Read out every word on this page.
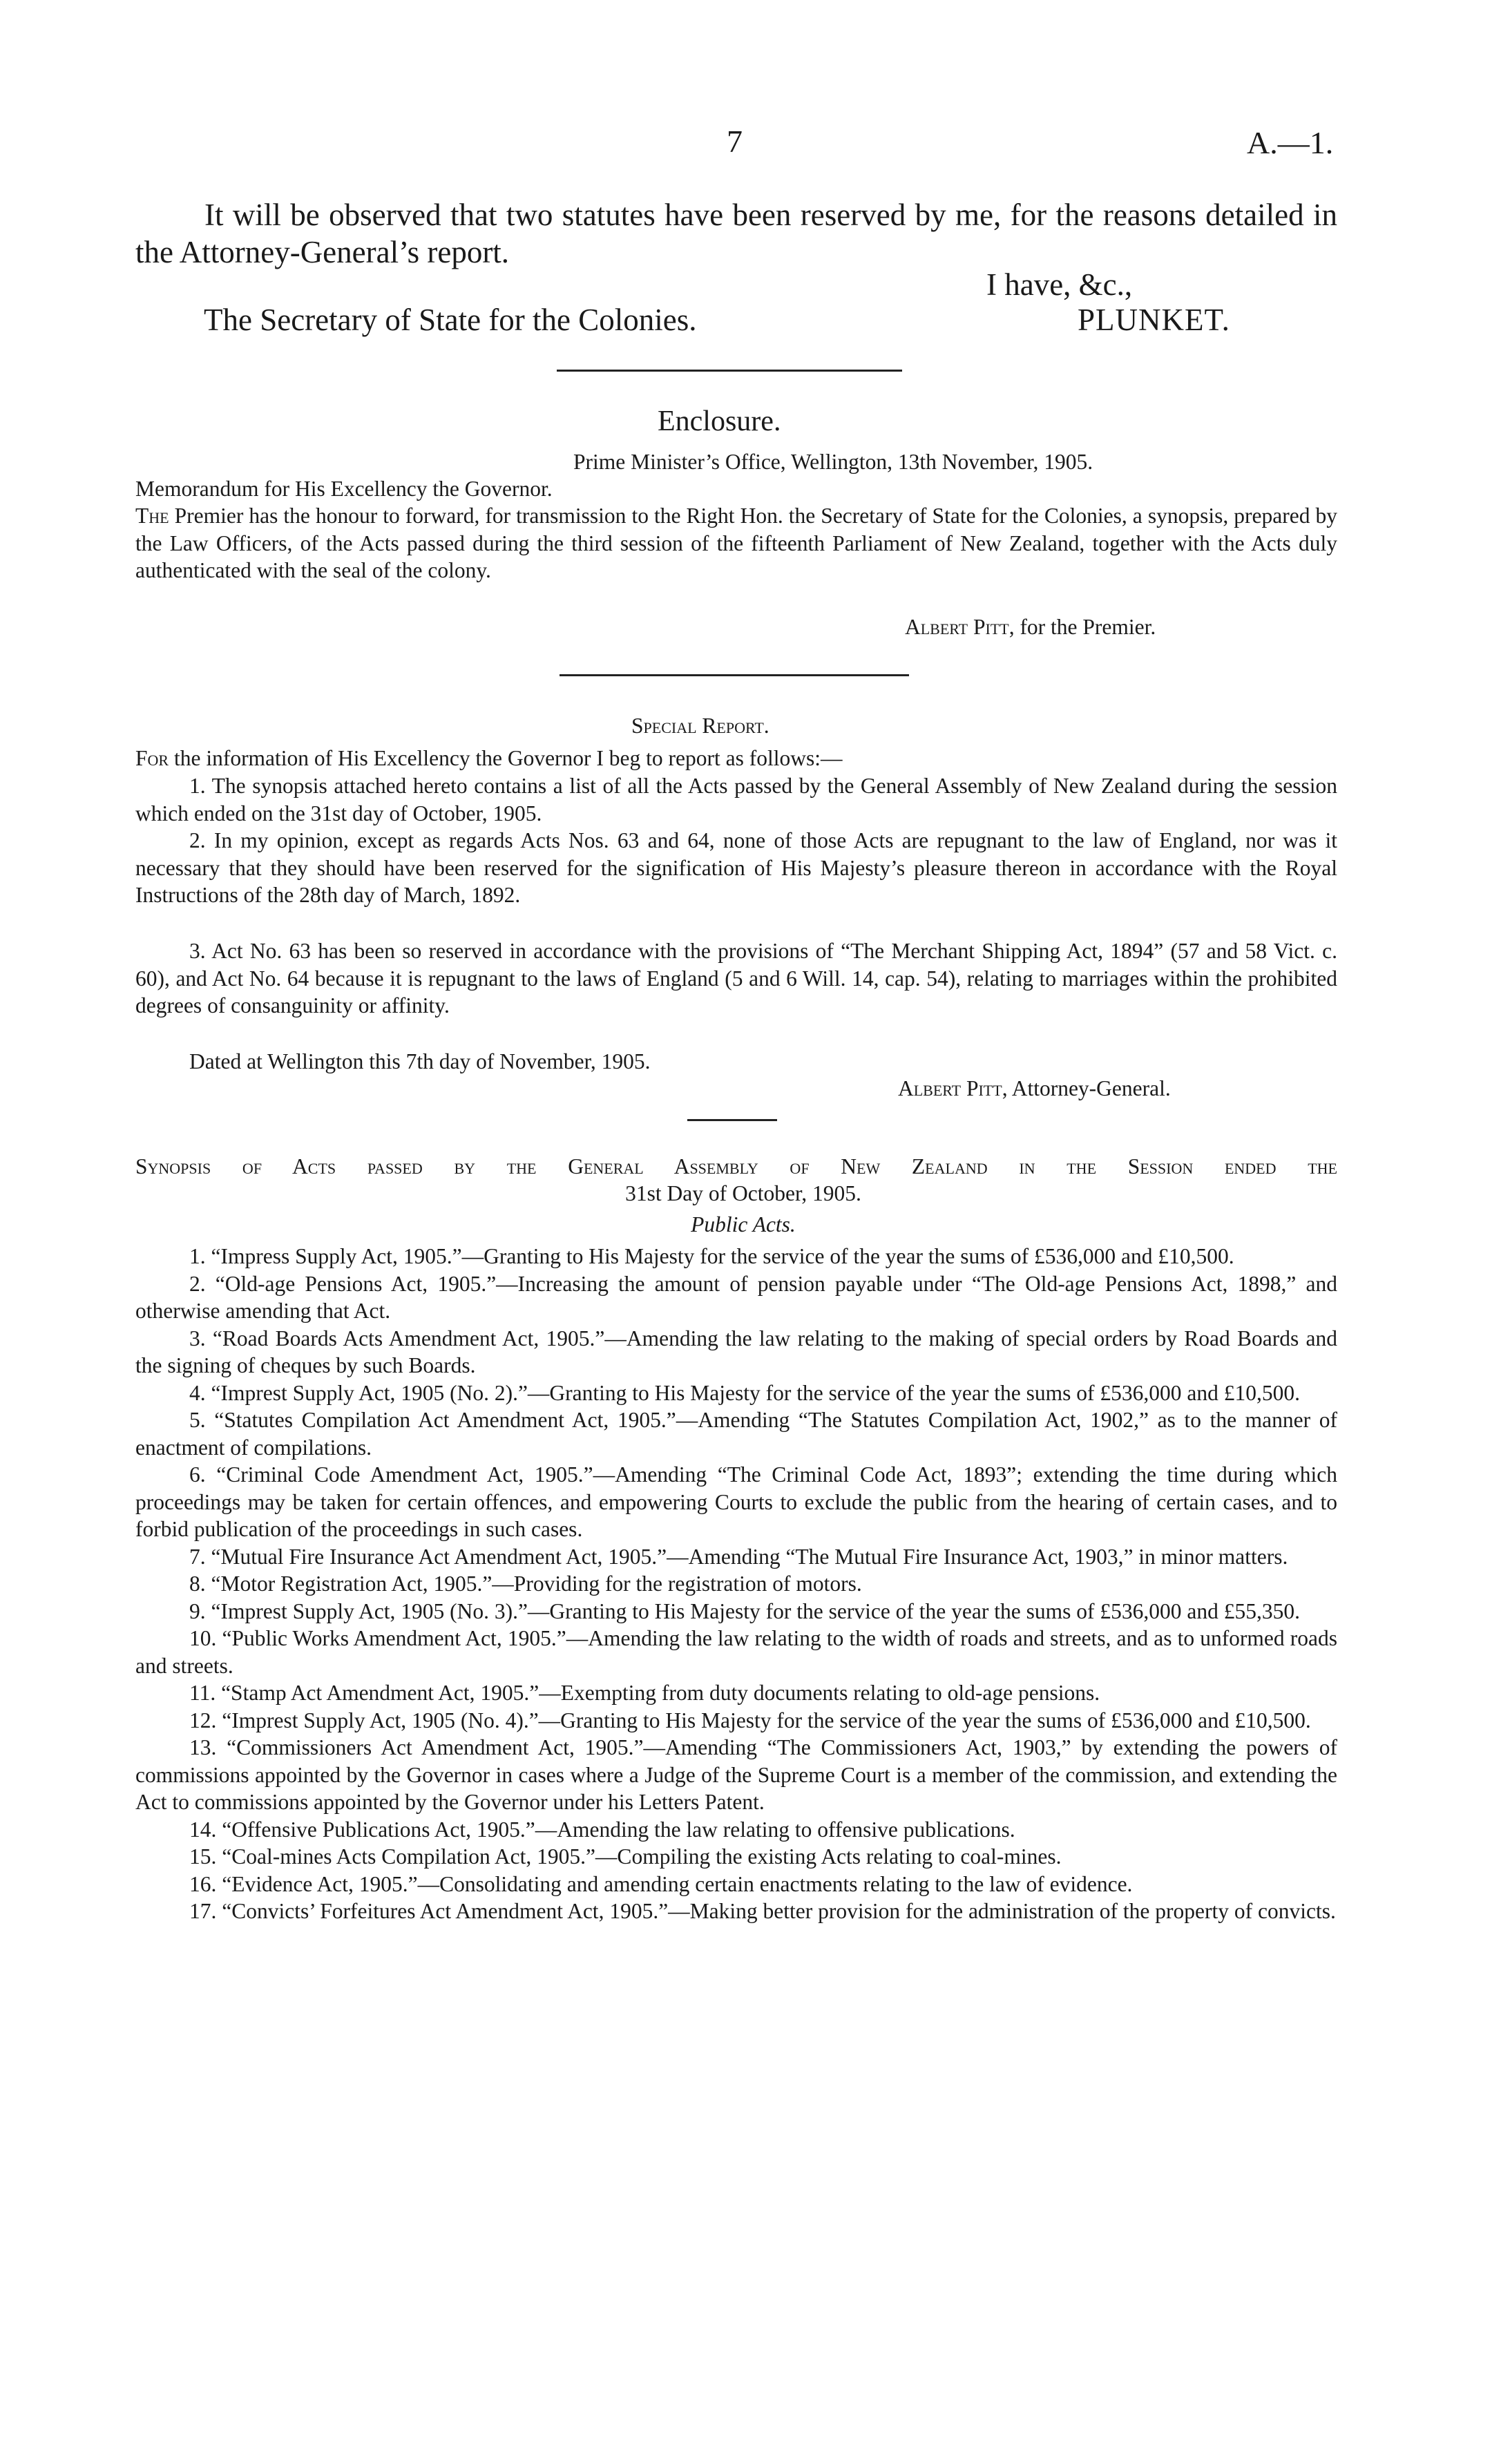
7	A.—1.

It will be observed that two statutes have been reserved by me, for the reasons detailed in the Attorney-General’s report.

I have, &c.,
The Secretary of State for the Colonies.	PLUNKET.
Enclosure.
Prime Minister’s Office, Wellington, 13th November, 1905.
Memorandum for His Excellency the Governor.

The Premier has the honour to forward, for transmission to the Right Hon. the Secretary of State for the Colonies, a synopsis, prepared by the Law Officers, of the Acts passed during the third session of the fifteenth Parliament of New Zealand, together with the Acts duly authenticated with the seal of the colony.

Albert Pitt, for the Premier.
Special Report.

For the information of His Excellency the Governor I beg to report as follows:—

1. The synopsis attached hereto contains a list of all the Acts passed by the General Assembly of New Zealand during the session which ended on the 31st day of October, 1905.

2. In my opinion, except as regards Acts Nos. 63 and 64, none of those Acts are repugnant to the law of England, nor was it necessary that they should have been reserved for the signification of His Majesty’s pleasure thereon in accordance with the Royal Instructions of the 28th day of March, 1892.

3. Act No. 63 has been so reserved in accordance with the provisions of “The Merchant Shipping Act, 1894” (57 and 58 Vict. c. 60), and Act No. 64 because it is repugnant to the laws of England (5 and 6 Will. 14, cap. 54), relating to marriages within the prohibited degrees of consanguinity or affinity.

Dated at Wellington this 7th day of November, 1905.

Albert Pitt, Attorney-General.

Synopsis of Acts passed by the General Assembly of New Zealand in the Session ended the

31st Day of October, 1905.
Public Acts.

1. “Impress Supply Act, 1905.”—Granting to His Majesty for the service of the year the sums of £536,000 and £10,500.

2. “Old-age Pensions Act, 1905.”—Increasing the amount of pension payable under “The Old-age Pensions Act, 1898,” and otherwise amending that Act.

3. “Road Boards Acts Amendment Act, 1905.”—Amending the law relating to the making of special orders by Road Boards and the signing of cheques by such Boards.

4. “Imprest Supply Act, 1905 (No. 2).”—Granting to His Majesty for the service of the year the sums of £536,000 and £10,500.

5. “Statutes Compilation Act Amendment Act, 1905.”—Amending “The Statutes Compilation Act, 1902,” as to the manner of enactment of compilations.

6. “Criminal Code Amendment Act, 1905.”—Amending “The Criminal Code Act, 1893”; extending the time during which proceedings may be taken for certain offences, and empowering Courts to exclude the public from the hearing of certain cases, and to forbid publication of the proceedings in such cases.

7. “Mutual Fire Insurance Act Amendment Act, 1905.”—Amending “The Mutual Fire Insurance Act, 1903,” in minor matters.

8. “Motor Registration Act, 1905.”—Providing for the registration of motors.

9. “Imprest Supply Act, 1905 (No. 3).”—Granting to His Majesty for the service of the year the sums of £536,000 and £55,350.

10. “Public Works Amendment Act, 1905.”—Amending the law relating to the width of roads and streets, and as to unformed roads and streets.

11. “Stamp Act Amendment Act, 1905.”—Exempting from duty documents relating to old-age pensions.

12. “Imprest Supply Act, 1905 (No. 4).”—Granting to His Majesty for the service of the year the sums of £536,000 and £10,500.

13. “Commissioners Act Amendment Act, 1905.”—Amending “The Commissioners Act, 1903,” by extending the powers of commissions appointed by the Governor in cases where a Judge of the Supreme Court is a member of the commission, and extending the Act to commissions appointed by the Governor under his Letters Patent.

14. “Offensive Publications Act, 1905.”—Amending the law relating to offensive publications.

15. “Coal-mines Acts Compilation Act, 1905.”—Compiling the existing Acts relating to coal-mines.

16. “Evidence Act, 1905.”—Consolidating and amending certain enactments relating to the law of evidence.

17. “Convicts’ Forfeitures Act Amendment Act, 1905.”—Making better provision for the administration of the property of convicts.
